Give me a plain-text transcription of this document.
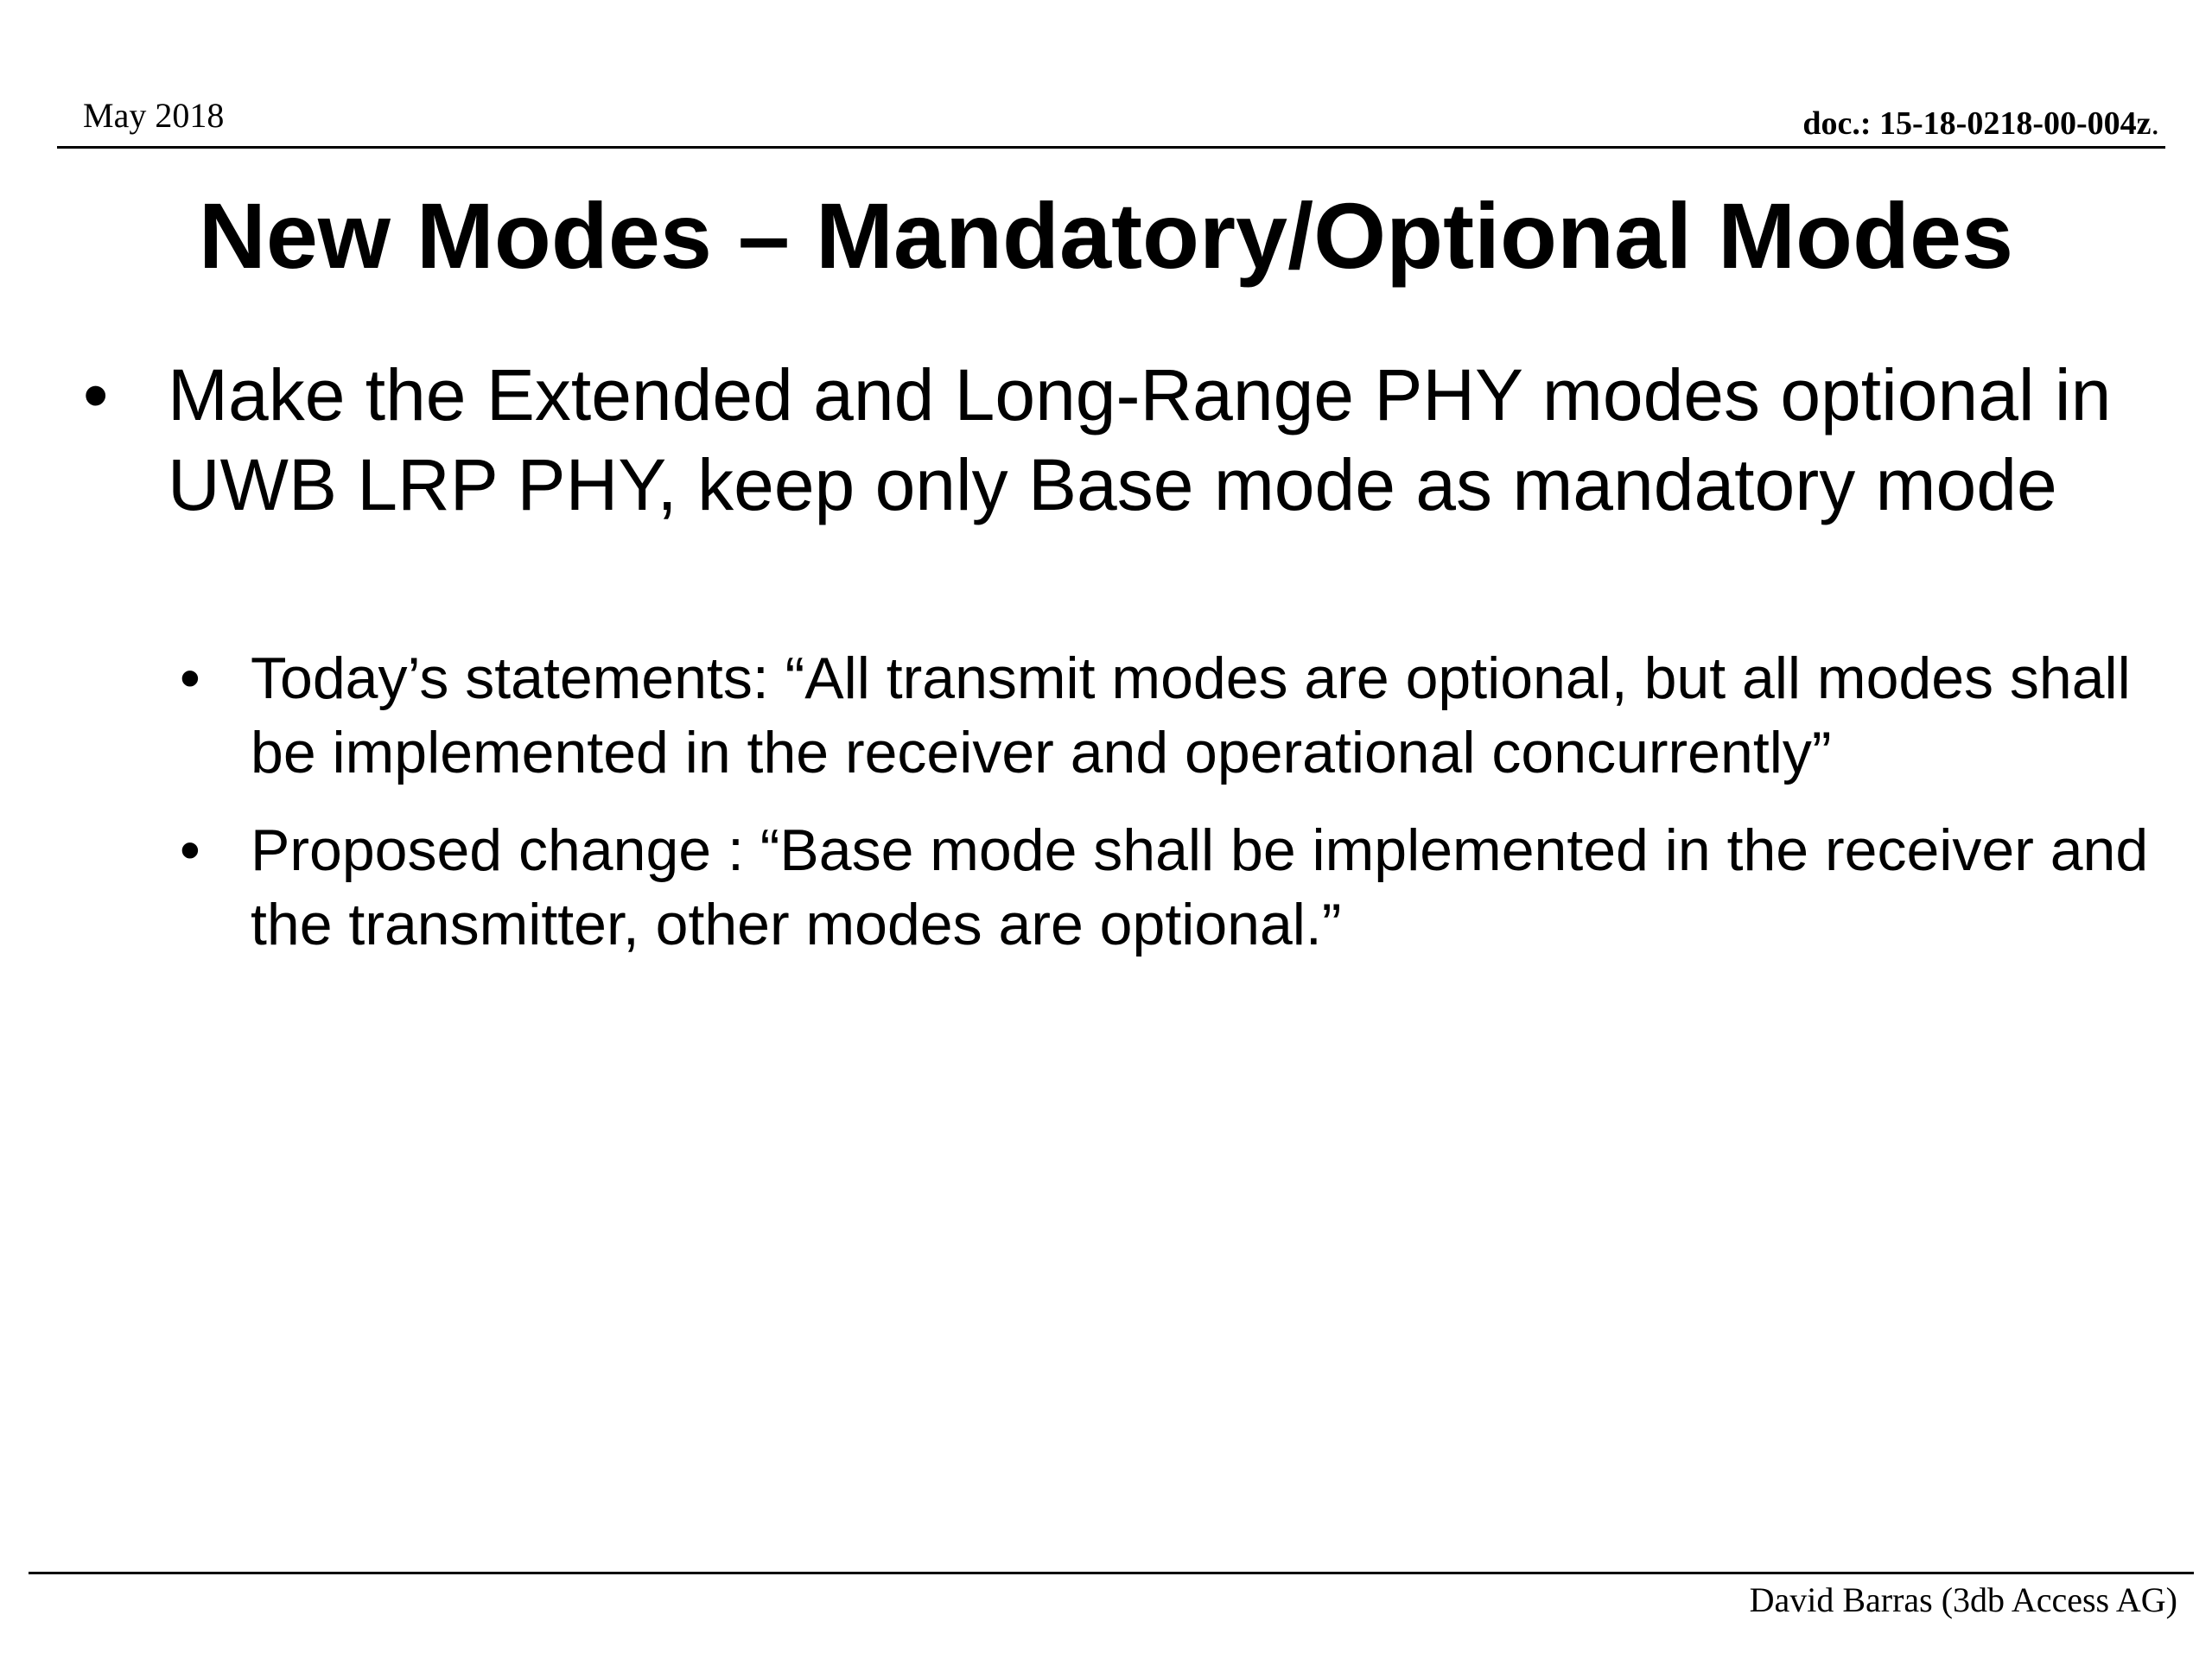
May 2018	doc.: 15-18-0218-00-004z.
New Modes – Mandatory/Optional Modes
• Make the Extended and Long-Range PHY modes optional in UWB LRP PHY, keep only Base mode as mandatory mode
• Today’s statements: “All transmit modes are optional, but all modes shall be implemented in the receiver and operational concurrently”
• Proposed change : “Base mode shall be implemented in the receiver and the transmitter, other modes are optional.”
David Barras (3db Access AG)
